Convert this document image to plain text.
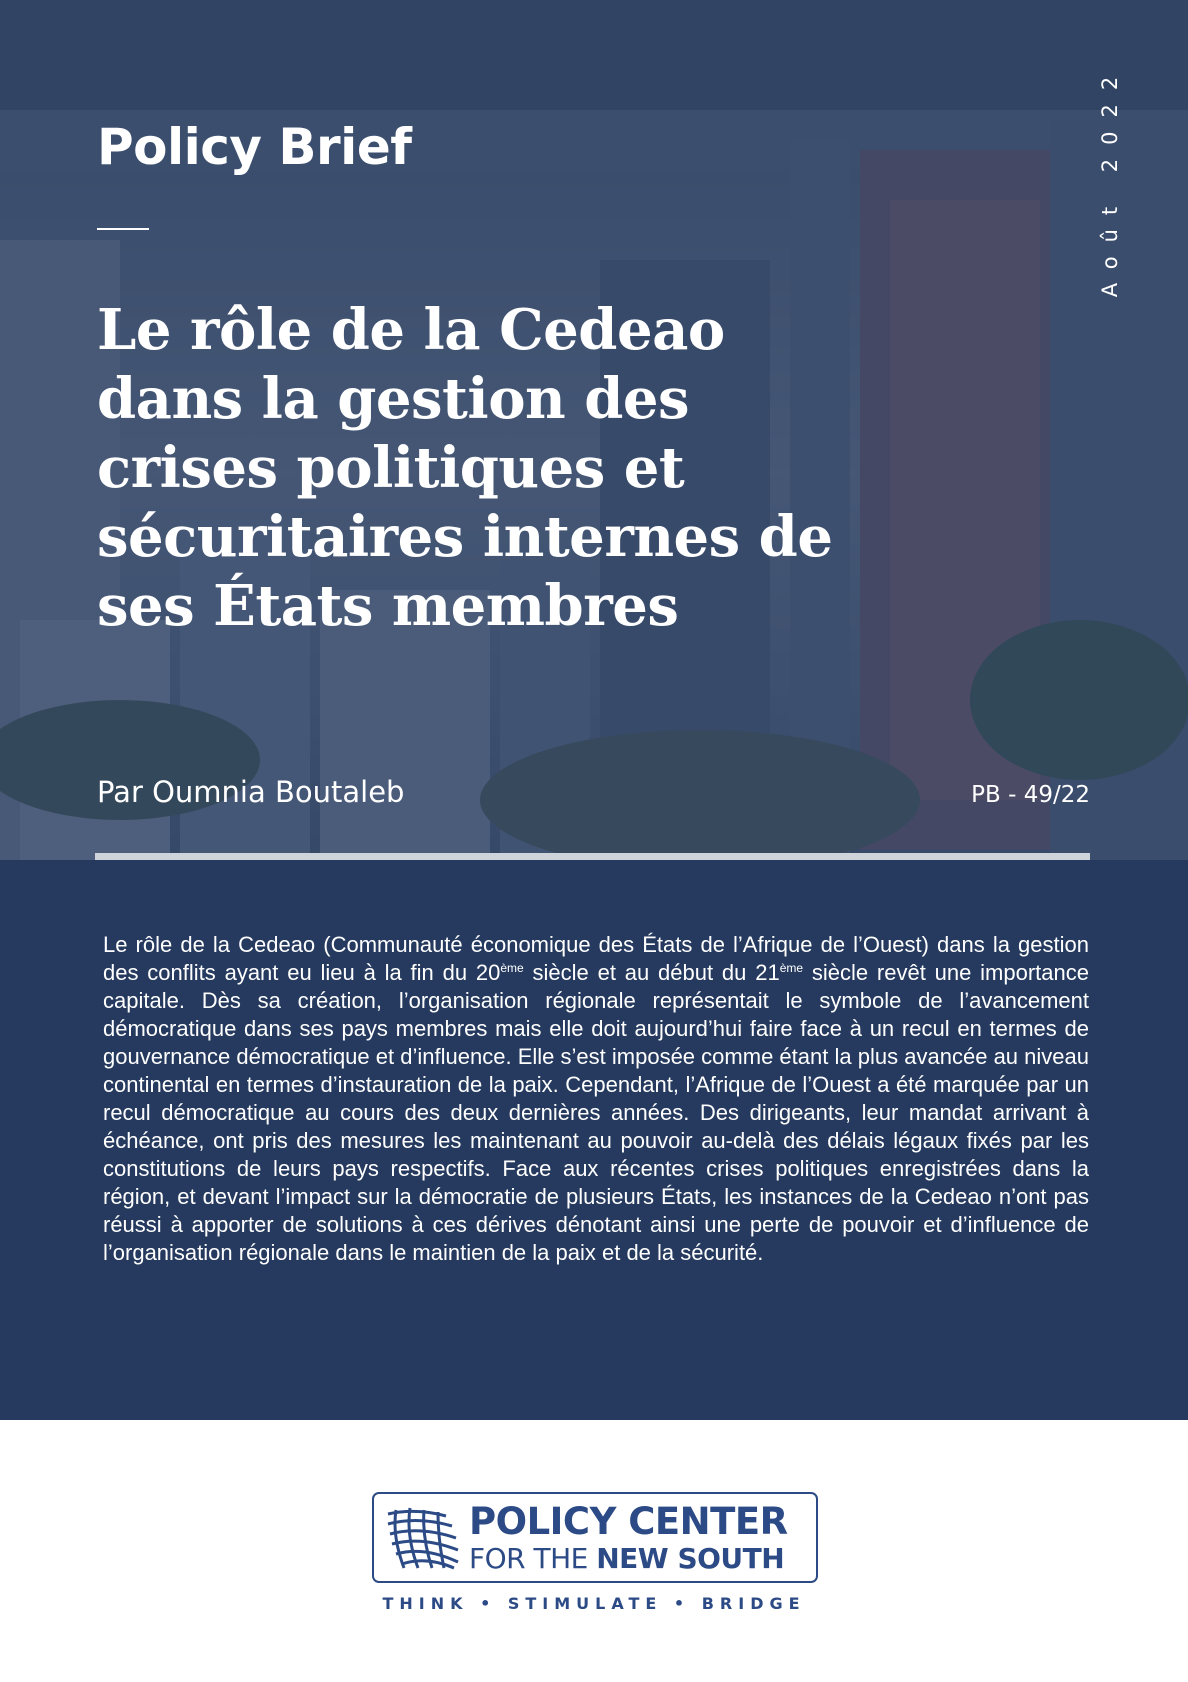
Policy Brief	Août 2022
Le rôle de la Cedeao dans la gestion des crises politiques et sécuritaires internes de ses États membres
Par Oumnia Boutaleb	PB - 49/22

Le rôle de la Cedeao (Communauté économique des États de l’Afrique de l’Ouest) dans la gestion des conflits ayant eu lieu à la fin du 20ème siècle et au début du 21ème siècle revêt une importance capitale. Dès sa création, l’organisation régionale représentait le symbole de l’avancement démocratique dans ses pays membres mais elle doit aujourd’hui faire face à un recul en termes de gouvernance démocratique et d’influence. Elle s’est imposée comme étant la plus avancée au niveau continental en termes d’instauration de la paix. Cependant, l’Afrique de l’Ouest a été marquée par un recul démocratique au cours des deux dernières années. Des dirigeants, leur mandat arrivant à échéance, ont pris des mesures les maintenant au pouvoir au-delà des délais légaux fixés par les constitutions de leurs pays respectifs. Face aux récentes crises politiques enregistrées dans la région, et devant l’impact sur la démocratie de plusieurs États, les instances de la Cedeao n’ont pas réussi à apporter de solutions à ces dérives dénotant ainsi une perte de pouvoir et d’influence de l’organisation régionale dans le maintien de la paix et de la sécurité.

POLICY CENTER
FOR THE NEW SOUTH
THINK • STIMULATE • BRIDGE
